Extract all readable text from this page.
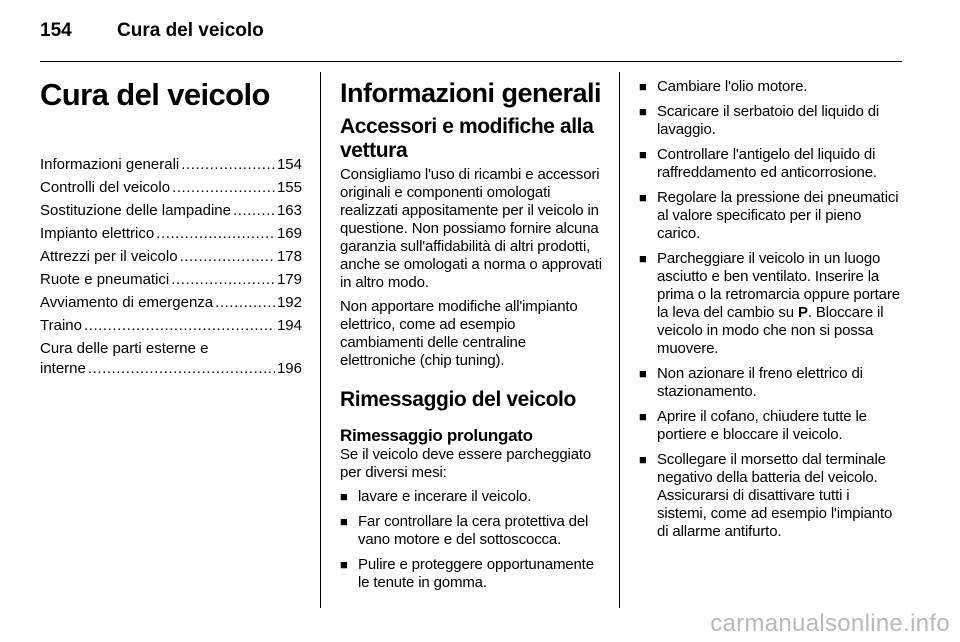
154 Cura del veicolo
Cura del veicolo
Informazioni generali . . .	154
Controlli del veicolo . . .	155
Sostituzione delle lampadine . . .	163
Impianto elettrico . . .	169
Attrezzi per il veicolo . . .	178
Ruote e pneumatici . . .	179
Avviamento di emergenza . . .	192
Traino . . .	194
Cura delle parti esterne e
interne . . .	196
Informazioni generali
Accessori e modifiche alla vettura

Consigliamo l'uso di ricambi e accessori originali e componenti omologati realizzati appositamente per il veicolo in questione. Non possiamo fornire alcuna garanzia sull'affidabilità di altri prodotti, anche se omologati a norma o approvati in altro modo.

Non apportare modifiche all'impianto elettrico, come ad esempio cambiamenti delle centraline elettroniche (chip tuning).

Rimessaggio del veicolo
Rimessaggio prolungato

Se il veicolo deve essere parcheggiato per diversi mesi:

■ lavare e incerare il veicolo.
■ Far controllare la cera protettiva del vano motore e del sottoscocca.
■ Pulire e proteggere opportunamente le tenute in gomma.
■ Cambiare l'olio motore.
■ Scaricare il serbatoio del liquido di lavaggio.
■ Controllare l'antigelo del liquido di raffreddamento ed anticorrosione.
■ Regolare la pressione dei pneumatici al valore specificato per il pieno carico.
■ Parcheggiare il veicolo in un luogo asciutto e ben ventilato. Inserire la prima o la retromarcia oppure portare la leva del cambio su P. Bloccare il veicolo in modo che non si possa muovere.
■ Non azionare il freno elettrico di stazionamento.
■ Aprire il cofano, chiudere tutte le portiere e bloccare il veicolo.
■ Scollegare il morsetto dal terminale negativo della batteria del veicolo. Assicurarsi di disattivare tutti i sistemi, come ad esempio l'impianto di allarme antifurto.
carmanualsonline.info
